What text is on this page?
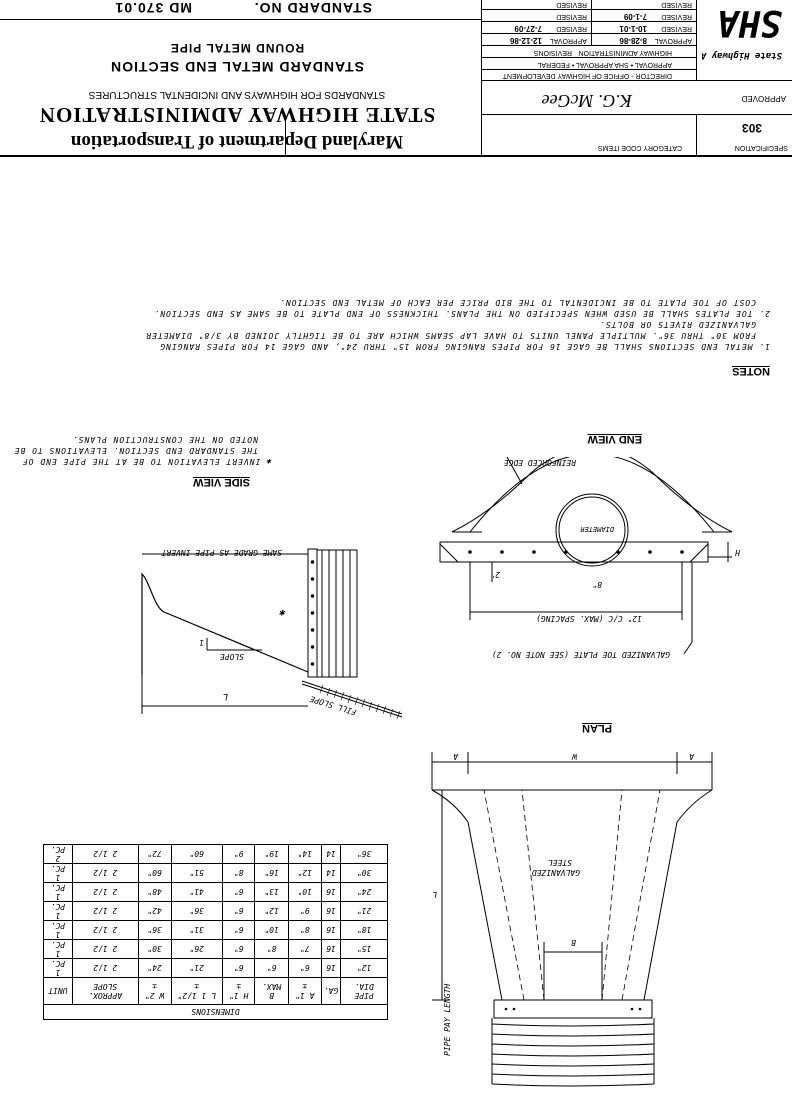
SPECIFICATION
303
CATEGORY CODE ITEMS
APPROVED
K.G. McGee
DIRECTOR - OFFICE OF HIGHWAY DEVELOPMENT
State Highway
SHA
APPROVAL • SHA APPROVAL • FEDERAL
HIGHWAY ADMINISTRATION
REVISIONS
APPROVAL
8-28-86
APPROVAL
12-12-86
REVISED
10-1-01
REVISED
7-27-09
REVISED
7-1-09
REVISED
REVISED
REVISED
Maryland Department of Transportation
STATE HIGHWAY ADMINISTRATION
STANDARDS FOR HIGHWAYS AND INCIDENTAL STRUCTURES
STANDARD METAL END SECTION
ROUND METAL PIPE
STANDARD NO.
MD 370.01
NOTES
1. METAL END SECTIONS SHALL BE GAGE 16 FOR PIPES RANGING FROM 15" THRU 24", AND GAGE 14 FOR PIPES RANGING
FROM 30" THRU 36". MULTIPLE PANEL UNITS TO HAVE LAP SEAMS WHICH ARE TO BE TIGHTLY JOINED BY 3/8" DIAMETER
GALVANIZED RIVETS OR BOLTS.
2. TOE PLATES SHALL BE USED WHEN SPECIFIED ON THE PLANS. THICKNESS OF END PLATE TO BE SAME AS END SECTION.
COST OF TOE PLATE TO BE INCIDENTAL TO THE BID PRICE PER EACH OF METAL END SECTION.
SIDE VIEW
✱ INVERT ELEVATION TO BE AT THE PIPE END OF
THE STANDARD END SECTION. ELEVATIONS TO BE
NOTED ON THE CONSTRUCTION PLANS.
FILL SLOPE
SLOPE
1
L
✱
SAME GRADE AS PIPE INVERT
END VIEW
GALVANIZED TOE PLATE (SEE NOTE NO. 2)
12" C/C (MAX. SPACING)
8"
2"
H
DIAMETER
REINFORCED EDGE
PLAN
A
W
A
L
B
GALVANIZED
STEEL
PIPE PAY LENGTH
DIMENSIONS								
PIPE DIA.	GA.	A 1" ±	B MAX.	H 1" ±	L 1 1/2" ±	W 2" ±	APPROX. SLOPE	UNIT
12"	16	6"	6"	6"	21"	24"	2 1/2	1 PC.
15"	16	7"	8"	6"	26"	30"	2 1/2	1 PC.
18"	16	8"	10"	6"	31"	36"	2 1/2	1 PC.
21"	16	9"	12"	6"	36"	42"	2 1/2	1 PC.
24"	16	10"	13"	6"	41"	48"	2 1/2	1 PC.
30"	14	12"	16"	8"	51"	60"	2 1/2	1 PC.
36"	14	14"	19"	9"	60"	72"	2 1/2	2 PC.
